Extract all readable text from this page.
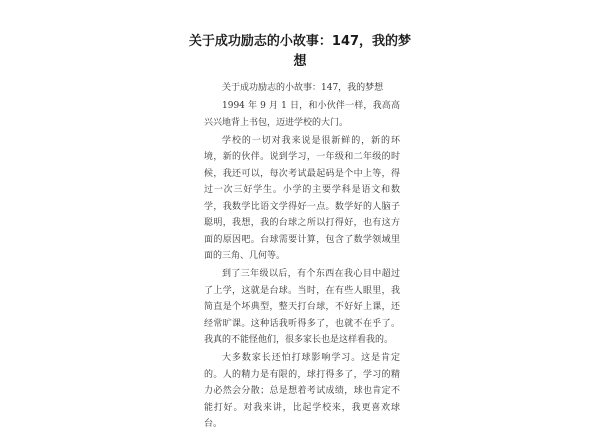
关于成功励志的小故事：147，我的梦想

关于成功励志的小故事：147，我的梦想

1994 年 9 月 1 日，和小伙伴一样，我高高兴兴地背上书包，迈进学校的大门。

学校的一切对我来说是很新鲜的，新的环境，新的伙伴。说到学习，一年级和二年级的时候，我还可以，每次考试最起码是个中上等，得过一次三好学生。小学的主要学科是语文和数学，我数学比语文学得好一点。数学好的人脑子聪明，我想，我的台球之所以打得好，也有这方面的原因吧。台球需要计算，包含了数学领域里面的三角、几何等。

到了三年级以后，有个东西在我心目中超过了上学，这就是台球。当时，在有些人眼里，我简直是个坏典型，整天打台球，不好好上课，还经常旷课。这种话我听得多了，也就不在乎了。我真的不能怪他们，很多家长也是这样看我的。

大多数家长还怕打球影响学习。这是肯定的。人的精力是有限的，球打得多了，学习的精力必然会分散；总是想着考试成绩，球也肯定不能打好。对我来讲，比起学校来，我更喜欢球台。
